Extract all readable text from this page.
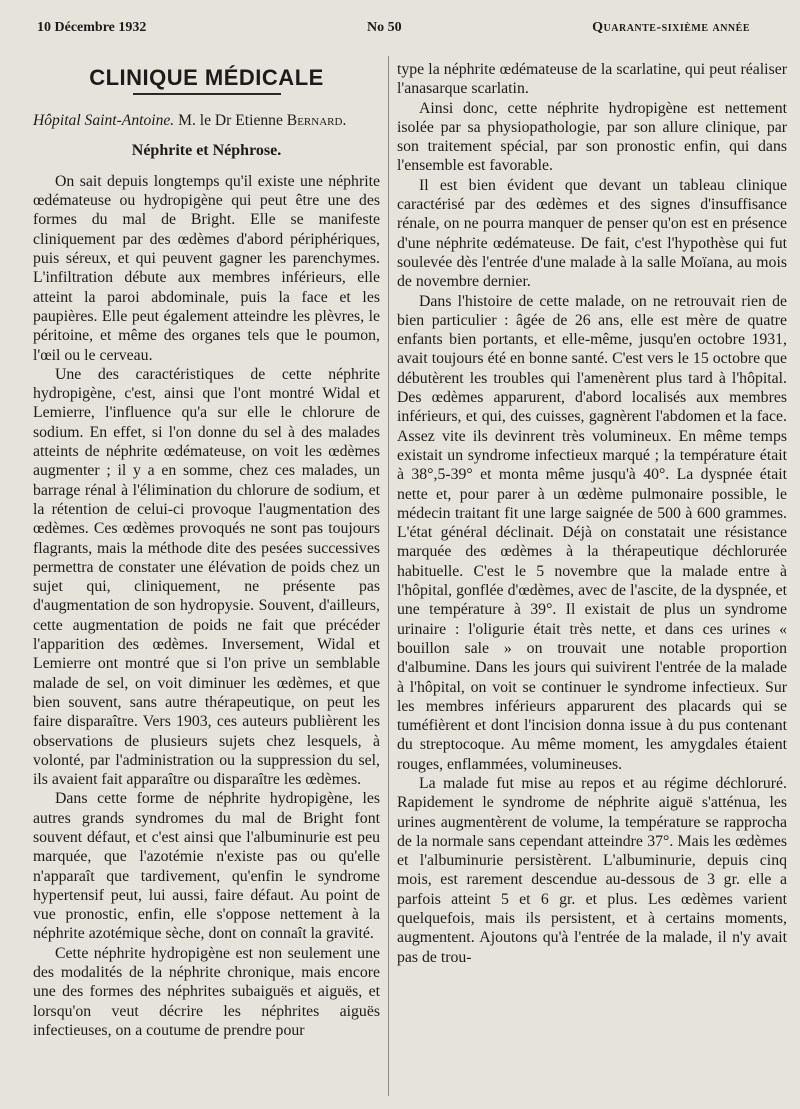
10 Décembre 1932	No 50	Quarante-sixième année
CLINIQUE MÉDICALE
Hôpital Saint-Antoine. M. le Dr Etienne Bernard.
Néphrite et Néphrose.

On sait depuis longtemps qu'il existe une néphrite œdémateuse ou hydropigène qui peut être une des formes du mal de Bright. Elle se manifeste cliniquement par des œdèmes d'abord périphériques, puis séreux, et qui peuvent gagner les parenchymes. L'infiltration débute aux membres inférieurs, elle atteint la paroi abdominale, puis la face et les paupières. Elle peut également atteindre les plèvres, le péritoine, et même des organes tels que le poumon, l'œil ou le cerveau.

Une des caractéristiques de cette néphrite hydropigène, c'est, ainsi que l'ont montré Widal et Lemierre, l'influence qu'a sur elle le chlorure de sodium. En effet, si l'on donne du sel à des malades atteints de néphrite œdémateuse, on voit les œdèmes augmenter ; il y a en somme, chez ces malades, un barrage rénal à l'élimination du chlorure de sodium, et la rétention de celui-ci provoque l'augmentation des œdèmes. Ces œdèmes provoqués ne sont pas toujours flagrants, mais la méthode dite des pesées successives permettra de constater une élévation de poids chez un sujet qui, cliniquement, ne présente pas d'augmentation de son hydropysie. Souvent, d'ailleurs, cette augmentation de poids ne fait que précéder l'apparition des œdèmes. Inversement, Widal et Lemierre ont montré que si l'on prive un semblable malade de sel, on voit diminuer les œdèmes, et que bien souvent, sans autre thérapeutique, on peut les faire disparaître. Vers 1903, ces auteurs publièrent les observations de plusieurs sujets chez lesquels, à volonté, par l'administration ou la suppression du sel, ils avaient fait apparaître ou disparaître les œdèmes.

Dans cette forme de néphrite hydropigène, les autres grands syndromes du mal de Bright font souvent défaut, et c'est ainsi que l'albuminurie est peu marquée, que l'azotémie n'existe pas ou qu'elle n'apparaît que tardivement, qu'enfin le syndrome hypertensif peut, lui aussi, faire défaut. Au point de vue pronostic, enfin, elle s'oppose nettement à la néphrite azotémique sèche, dont on connaît la gravité.

Cette néphrite hydropigène est non seulement une des modalités de la néphrite chronique, mais encore une des formes des néphrites subaiguës et aiguës, et lorsqu'on veut décrire les néphrites aiguës infectieuses, on a coutume de prendre pour

type la néphrite œdémateuse de la scarlatine, qui peut réaliser l'anasarque scarlatin.

Ainsi donc, cette néphrite hydropigène est nettement isolée par sa physiopathologie, par son allure clinique, par son traitement spécial, par son pronostic enfin, qui dans l'ensemble est favorable.

Il est bien évident que devant un tableau clinique caractérisé par des œdèmes et des signes d'insuffisance rénale, on ne pourra manquer de penser qu'on est en présence d'une néphrite œdémateuse. De fait, c'est l'hypothèse qui fut soulevée dès l'entrée d'une malade à la salle Moïana, au mois de novembre dernier.

Dans l'histoire de cette malade, on ne retrouvait rien de bien particulier : âgée de 26 ans, elle est mère de quatre enfants bien portants, et elle-même, jusqu'en octobre 1931, avait toujours été en bonne santé. C'est vers le 15 octobre que débutèrent les troubles qui l'amenèrent plus tard à l'hôpital. Des œdèmes apparurent, d'abord localisés aux membres inférieurs, et qui, des cuisses, gagnèrent l'abdomen et la face. Assez vite ils devinrent très volumineux. En même temps existait un syndrome infectieux marqué ; la température était à 38°,5-39° et monta même jusqu'à 40°. La dyspnée était nette et, pour parer à un œdème pulmonaire possible, le médecin traitant fit une large saignée de 500 à 600 grammes. L'état général déclinait. Déjà on constatait une résistance marquée des œdèmes à la thérapeutique déchlorurée habituelle. C'est le 5 novembre que la malade entre à l'hôpital, gonflée d'œdèmes, avec de l'ascite, de la dyspnée, et une température à 39°. Il existait de plus un syndrome urinaire : l'oligurie était très nette, et dans ces urines « bouillon sale » on trouvait une notable proportion d'albumine. Dans les jours qui suivirent l'entrée de la malade à l'hôpital, on voit se continuer le syndrome infectieux. Sur les membres inférieurs apparurent des placards qui se tuméfièrent et dont l'incision donna issue à du pus contenant du streptocoque. Au même moment, les amygdales étaient rouges, enflammées, volumineuses.

La malade fut mise au repos et au régime déchloruré. Rapidement le syndrome de néphrite aiguë s'atténua, les urines augmentèrent de volume, la température se rapprocha de la normale sans cependant atteindre 37°. Mais les œdèmes et l'albuminurie persistèrent. L'albuminurie, depuis cinq mois, est rarement descendue au-dessous de 3 gr. elle a parfois atteint 5 et 6 gr. et plus. Les œdèmes varient quelquefois, mais ils persistent, et à certains moments, augmentent. Ajoutons qu'à l'entrée de la malade, il n'y avait pas de trou-
